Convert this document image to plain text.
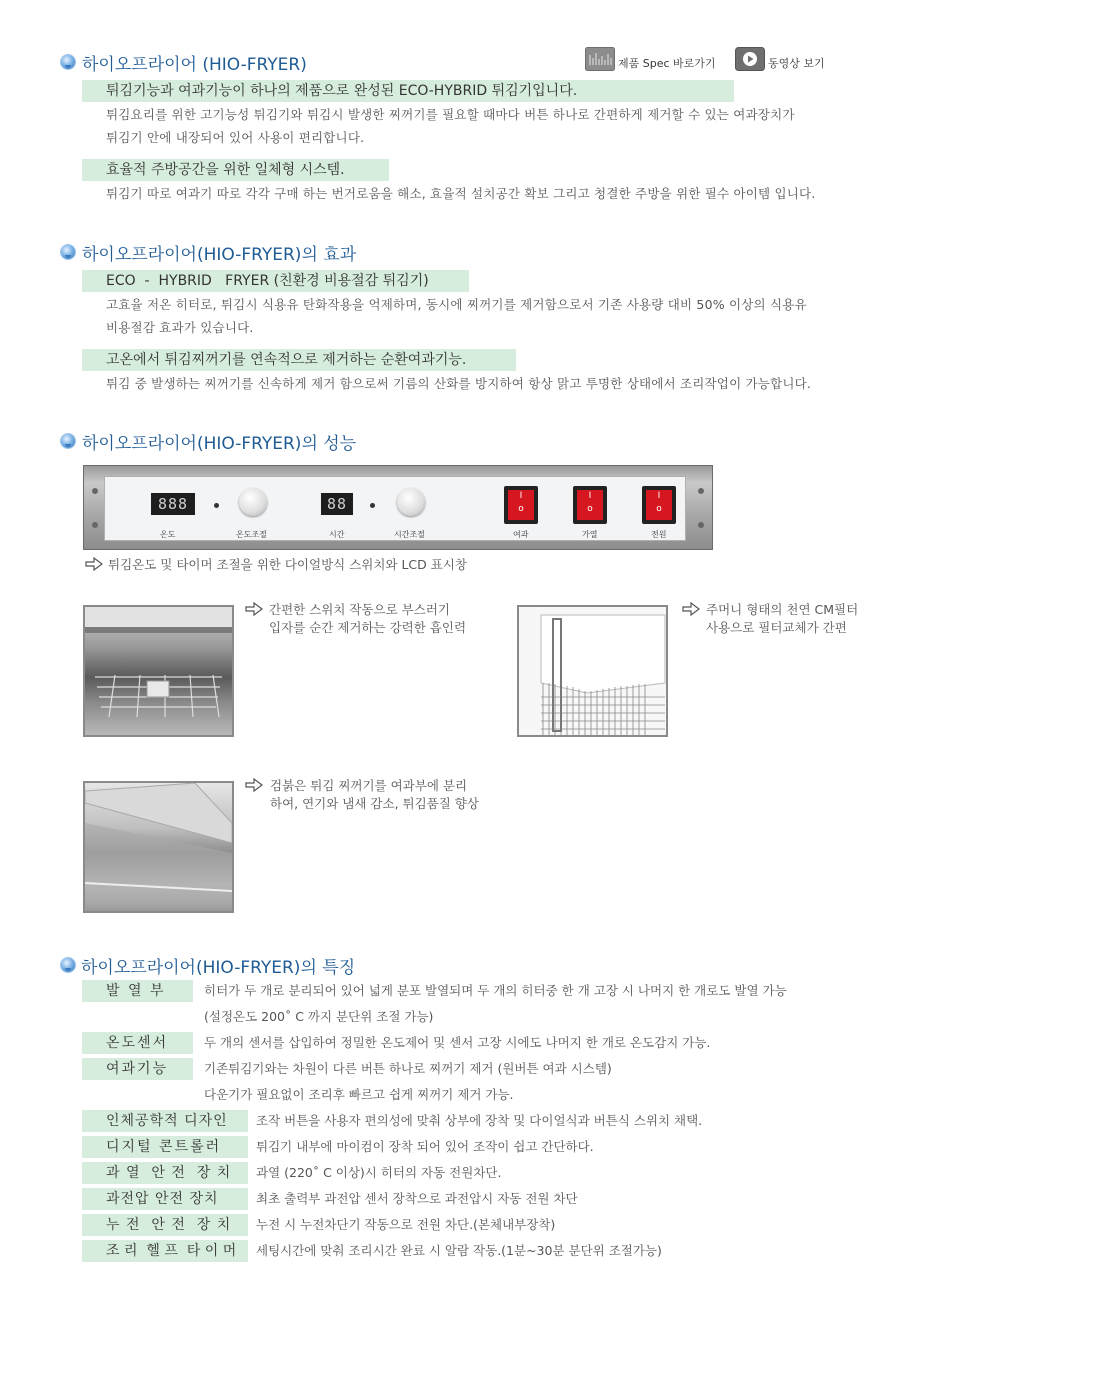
하이오프라이어 (HIO-FRYER)	제품 Spec 바로가기	동영상 보기
튀김기능과 여과기능이 하나의 제품으로 완성된 ECO-HYBRID 튀김기입니다.
튀김요리를 위한 고기능성 튀김기와 튀김시 발생한 찌꺼기를 필요할 때마다 버튼 하나로 간편하게 제거할 수 있는 여과장치가
튀김기 안에 내장되어 있어 사용이 편리합니다.
효율적 주방공간을 위한 일체형 시스템.
튀김기 따로 여과기 따로 각각 구매 하는 번거로움을 해소, 효율적 설치공간 확보 그리고 청결한 주방을 위한 필수 아이템 입니다.
하이오프라이어(HIO-FRYER)의 효과
ECO  -  HYBRID   FRYER (친환경 비용절감 튀김기)
고효율 저온 히터로, 튀김시 식용유 탄화작용을 억제하며, 동시에 찌꺼기를 제거함으로서 기존 사용량 대비 50% 이상의 식용유
비용절감 효과가 있습니다.
고온에서 튀김찌꺼기를 연속적으로 제거하는 순환여과기능.
튀김 중 발생하는 찌꺼기를 신속하게 제거 함으로써 기름의 산화를 방지하여 항상 맑고 투명한 상태에서 조리작업이 가능합니다.
하이오프라이어(HIO-FRYER)의 성능
888	88	I
o
I
o
I
o
온도	온도조절	시간	시간조절	여과	가열	전원
튀김온도 및 타이머 조절을 위한 다이얼방식 스위치와 LCD 표시창
간편한 스위치 작동으로 부스러기
입자를 순간 제거하는 강력한 흡인력
주머니 형태의 천연 CM필터
사용으로 필터교체가 간편
검붉은 튀김 찌꺼기를 여과부에 분리
하여, 연기와 냄새 감소, 튀김품질 향상
하이오프라이어(HIO-FRYER)의 특징
발 열 부	히터가 두 개로 분리되어 있어 넓게 분포 발열되며 두 개의 히터중 한 개 고장 시 나머지 한 개로도 발열 가능
(설정온도 200˚ C 까지 분단위 조절 가능)
온도센서	두 개의 센서를 삽입하여 정밀한 온도제어 및 센서 고장 시에도 나머지 한 개로 온도감지 가능.
여과기능	기존튀김기와는 차원이 다른 버튼 하나로 찌꺼기 제거 (원버튼 여과 시스템)
다운기가 필요없이 조리후 빠르고 쉽게 찌꺼기 제거 가능.
인체공학적 디자인	조작 버튼을 사용자 편의성에 맞춰 상부에 장착 및 다이얼식과 버튼식 스위치 채택.
디지털 콘트롤러	튀김기 내부에 마이컴이 장착 되어 있어 조작이 쉽고 간단하다.
과 열  안 전  장 치	과열 (220˚ C 이상)시 히터의 자동 전원차단.
과전압 안전 장치	최초 출력부 과전압 센서 장착으로 과전압시 자동 전원 차단
누 전  안 전  장 치	누전 시 누전차단기 작동으로 전원 차단.(본체내부장착)
조 리  헬 프  타 이 머	세팅시간에 맞춰 조리시간 완료 시 알람 작동.(1분~30분 분단위 조절가능)
